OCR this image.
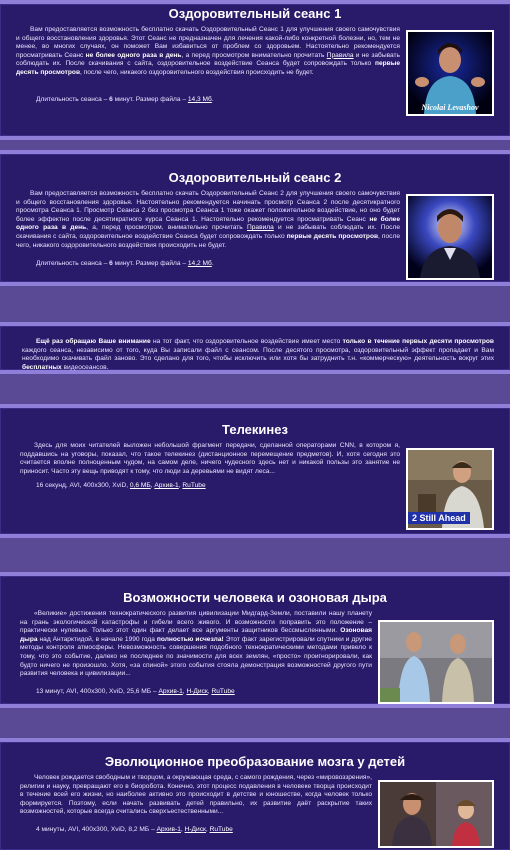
Оздоровительный сеанс 1
Вам предоставляется возможность бесплатно скачать Оздоровительный Сеанс 1 для улучшения своего самочувствия и общего восстановления здоровья. Этот Сеанс не предназначен для лечения какой-либо конкретной болезни, но, тем не менее, во многих случаях, он поможет Вам избавиться от проблем со здоровьем. Настоятельно рекомендуется просматривать Сеанс не более одного раза в день, а перед просмотром внимательно прочитать Правила и не забывать соблюдать их. После скачивания с сайта, оздоровительное воздействие Сеанса будет сопровождать только первые десять просмотров, после чего, никакого оздоровительного воздействия происходить не будет.
Длительность сеанса – 6 минут. Размер файла – 14,3 Мб.
Nicolai Levashov
Оздоровительный сеанс 2
Вам предоставляется возможность бесплатно скачать Оздоровительный Сеанс 2 для улучшения своего самочувствия и общего восстановления здоровья. Настоятельно рекомендуется начинать просмотр Сеанса 2 после десятикратного просмотра Сеанса 1. Просмотр Сеанса 2 без просмотра Сеанса 1 тоже окажет положительное воздействие, но оно будет более эффектно после десятикратного курса Сеанса 1. Настоятельно рекомендуется просматривать Сеанс не более одного раза в день, а, перед просмотром, внимательно прочитать Правила и не забывать соблюдать их. После скачивания с сайта, оздоровительное воздействие Сеанса будет сопровождать только первые десять просмотров, после чего, никакого оздоровительного воздействия происходить не будет.
Длительность сеанса – 6 минут. Размер файла – 14,2 Мб.
Ещё раз обращаю Ваше внимание на тот факт, что оздоровительное воздействие имеет место только в течение первых десяти просмотров каждого сеанса, независимо от того, куда Вы записали файл с сеансом. После десятого просмотра, оздоровительный эффект пропадает и Вам необходимо скачивать файл заново. Это сделано для того, чтобы исключить или хотя бы затруднить т.н. «коммерческую» деятельность вокруг этих бесплатных видеосеансов.
Телекинез
Здесь для моих читателей выложен небольшой фрагмент передачи, сделанной операторами CNN, в котором я, поддавшись на уговоры, показал, что такое телекинез (дистанционное перемещение предметов). И, хотя сегодня это считается вполне полноценным чудом, на самом деле, ничего чудесного здесь нет и никакой пользы это занятие не приносит. Часто эту вещь приводят к тому, что люди за деревьями не видят леса...
16 секунд, AVI, 400x300, XviD, 0,6 МБ, Архив-1, RuTube
2 Still Ahead
Возможности человека и озоновая дыра
«Великие» достижения технократического развития цивилизации Мидгард-Земли, поставили нашу планету на грань экологической катастрофы и гибели всего живого. И возможности поправить это положение – практически нулевые. Только этот один факт делает все аргументы защитников бессмысленными. Озоновая дыра над Антарктидой, в начале 1990 года полностью исчезла! Этот факт зарегистрировали спутники и другие методы контроля атмосферы. Невозможность совершения подобного технократическими методами привело к тому, что это событие, далеко не последнее по значимости для всех землян, «просто» проигнорировали, как будто ничего не произошло. Хотя, «за спиной» этого события стояла демонстрация возможностей другого пути развития человека и цивилизации...
13 минут, AVI, 400x300, XviD, 25,6 МБ – Архив-1, Н-Диск, RuTube
Эволюционное преобразование мозга у детей
Человек рождается свободным и творцом, а окружающая среда, с самого рождения, через «мировоззрения», религии и науку, превращают его в биоробота. Конечно, этот процесс подавления в человеке творца происходит в течение всей его жизни, но наиболее активно это происходит в детстве и юношестве, когда человек только формируется. Поэтому, если начать развивать детей правильно, их развитие даёт раскрытие таких возможностей, которые всегда считались сверхъестественными...
4 минуты, AVI, 400x300, XviD, 8,2 МБ – Архив-1, Н-Диск, RuTube
